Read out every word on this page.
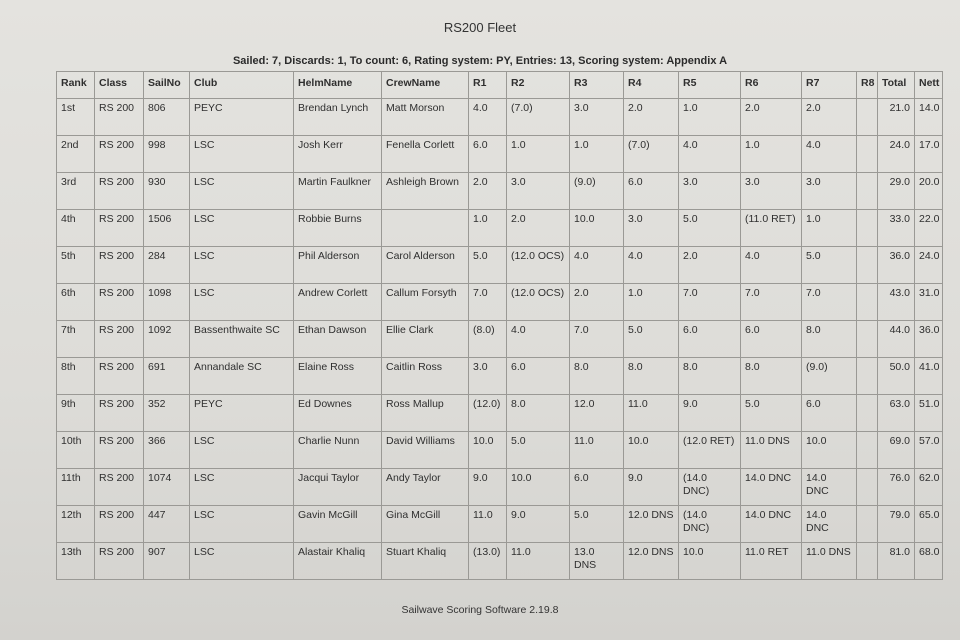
RS200 Fleet
Sailed: 7, Discards: 1, To count: 6, Rating system: PY, Entries: 13, Scoring system: Appendix A
Rank	Class	SailNo	Club	HelmName	CrewName	R1	R2	R3	R4	R5	R6	R7	R8	Total	Nett
1st	RS 200	806	PEYC	Brendan Lynch	Matt Morson	4.0	(7.0)	3.0	2.0	1.0	2.0	2.0		21.0	14.0
2nd	RS 200	998	LSC	Josh Kerr	Fenella Corlett	6.0	1.0	1.0	(7.0)	4.0	1.0	4.0		24.0	17.0
3rd	RS 200	930	LSC	Martin Faulkner	Ashleigh Brown	2.0	3.0	(9.0)	6.0	3.0	3.0	3.0		29.0	20.0
4th	RS 200	1506	LSC	Robbie Burns		1.0	2.0	10.0	3.0	5.0	(11.0 RET)	1.0		33.0	22.0
5th	RS 200	284	LSC	Phil Alderson	Carol Alderson	5.0	(12.0 OCS)	4.0	4.0	2.0	4.0	5.0		36.0	24.0
6th	RS 200	1098	LSC	Andrew Corlett	Callum Forsyth	7.0	(12.0 OCS)	2.0	1.0	7.0	7.0	7.0		43.0	31.0
7th	RS 200	1092	Bassenthwaite SC	Ethan Dawson	Ellie Clark	(8.0)	4.0	7.0	5.0	6.0	6.0	8.0		44.0	36.0
8th	RS 200	691	Annandale SC	Elaine Ross	Caitlin Ross	3.0	6.0	8.0	8.0	8.0	8.0	(9.0)		50.0	41.0
9th	RS 200	352	PEYC	Ed Downes	Ross Mallup	(12.0)	8.0	12.0	11.0	9.0	5.0	6.0		63.0	51.0
10th	RS 200	366	LSC	Charlie Nunn	David Williams	10.0	5.0	11.0	10.0	(12.0 RET)	11.0 DNS	10.0		69.0	57.0
11th	RS 200	1074	LSC	Jacqui Taylor	Andy Taylor	9.0	10.0	6.0	9.0	(14.0 DNC)	14.0 DNC	14.0 DNC		76.0	62.0
12th	RS 200	447	LSC	Gavin McGill	Gina McGill	11.0	9.0	5.0	12.0 DNS	(14.0 DNC)	14.0 DNC	14.0 DNC		79.0	65.0
13th	RS 200	907	LSC	Alastair Khaliq	Stuart Khaliq	(13.0)	11.0	13.0 DNS	12.0 DNS	10.0	11.0 RET	11.0 DNS		81.0	68.0
Sailwave Scoring Software 2.19.8
